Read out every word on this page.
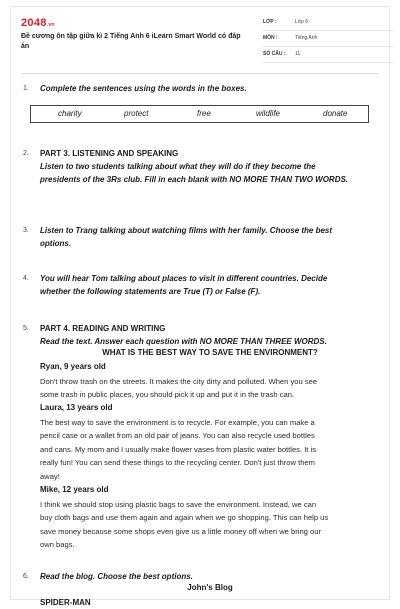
2048.vn
Đề cương ôn tập giữa kì 2 Tiếng Anh 6 iLearn Smart World có đáp án
LỚP :	Lớp 6
MÔN :	Tiếng Anh
SỐ CÂU : 11
1. Complete the sentences using the words in the boxes.
charity	protect	free	wildlife	donate
2. PART 3. LISTENING AND SPEAKING
Listen to two students talking about what they will do if they become the
presidents of the 3Rs club. Fill in each blank with NO MORE THAN TWO WORDS.
3. Listen to Trang talking about watching films with her family. Choose the best
options.
4. You will hear Tom talking about places to visit in different countries. Decide
whether the following statements are True (T) or False (F).
5. PART 4. READING AND WRITING
Read the text. Answer each question with NO MORE THAN THREE WORDS.
WHAT IS THE BEST WAY TO SAVE THE ENVIRONMENT?
Ryan, 9 years old
Don't throw trash on the streets. It makes the city dirty and polluted. When you see
some trash in public places, you should pick it up and put it in the trash can.
Laura, 13 years old
The best way to save the environment is to recycle. For example, you can make a
pencil case or a wallet from an old pair of jeans. You can also recycle used bottles
and cans. My mom and I usually make flower vases from plastic water bottles. It is
really fun! You can send these things to the recycling center. Don't just throw them
away!
Mike, 12 years old
I think we should stop using plastic bags to save the environment. Instead, we can
buy cloth bags and use them again and again when we go shopping. This can help us
save money because some shops even give us a little money off when we bring our
own bags.
6. Read the blog. Choose the best options.
John's Blog
SPIDER-MAN
